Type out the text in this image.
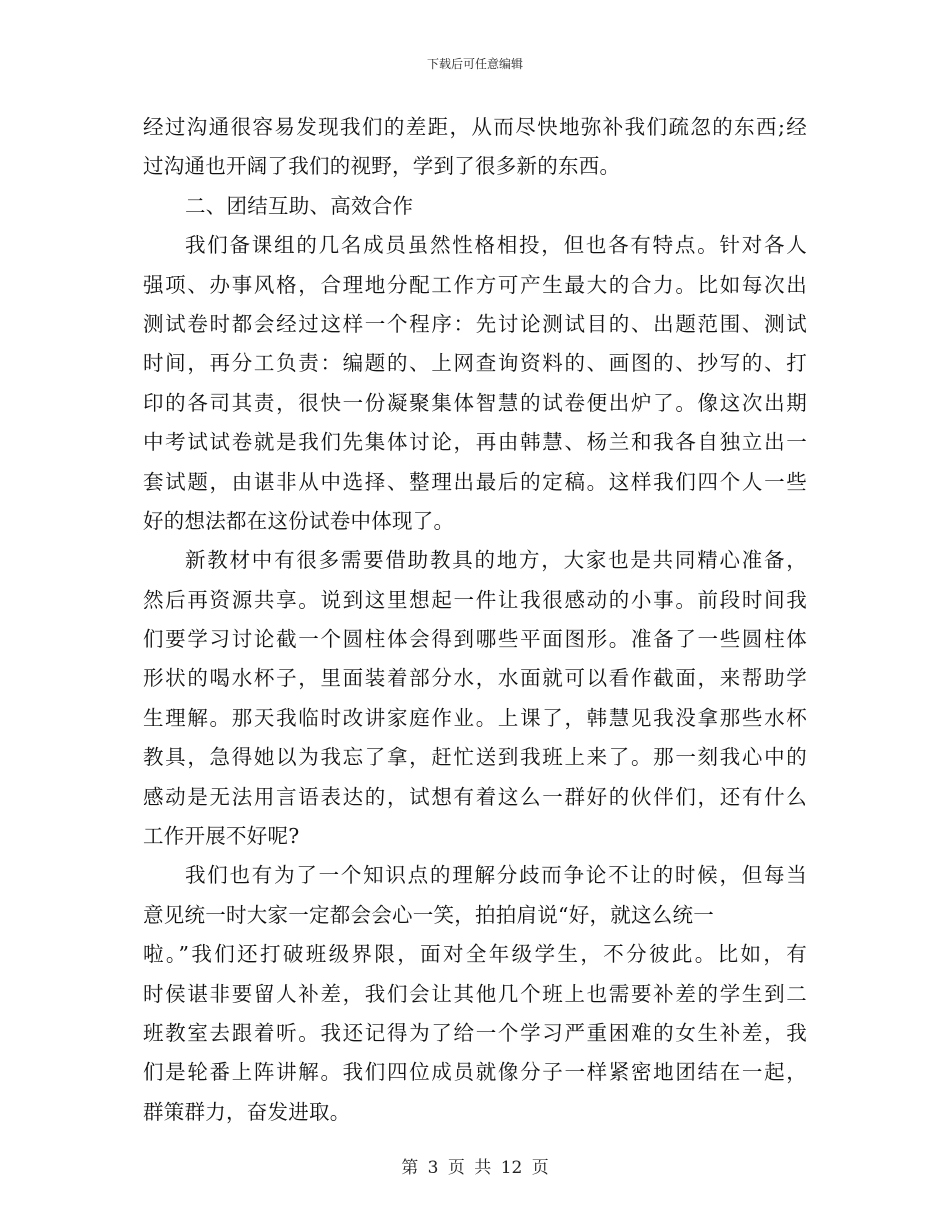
下载后可任意编辑
经过沟通很容易发现我们的差距，从而尽快地弥补我们疏忽的东西;经
过沟通也开阔了我们的视野，学到了很多新的东西。
二、团结互助、高效合作
我们备课组的几名成员虽然性格相投，但也各有特点。针对各人
强项、办事风格，合理地分配工作方可产生最大的合力。比如每次出
测试卷时都会经过这样一个程序：先讨论测试目的、出题范围、测试
时间，再分工负责：编题的、上网查询资料的、画图的、抄写的、打
印的各司其责，很快一份凝聚集体智慧的试卷便出炉了。像这次出期
中考试试卷就是我们先集体讨论，再由韩慧、杨兰和我各自独立出一
套试题，由谌非从中选择、整理出最后的定稿。这样我们四个人一些
好的想法都在这份试卷中体现了。
新教材中有很多需要借助教具的地方，大家也是共同精心准备，
然后再资源共享。说到这里想起一件让我很感动的小事。前段时间我
们要学习讨论截一个圆柱体会得到哪些平面图形。准备了一些圆柱体
形状的喝水杯子，里面装着部分水，水面就可以看作截面，来帮助学
生理解。那天我临时改讲家庭作业。上课了，韩慧见我没拿那些水杯
教具，急得她以为我忘了拿，赶忙送到我班上来了。那一刻我心中的
感动是无法用言语表达的，试想有着这么一群好的伙伴们，还有什么
工作开展不好呢?
我们也有为了一个知识点的理解分歧而争论不让的时候，但每当
意见统一时大家一定都会会心一笑，拍拍肩说“好，就这么统一
啦。”我们还打破班级界限，面对全年级学生，不分彼此。比如，有
时侯谌非要留人补差，我们会让其他几个班上也需要补差的学生到二
班教室去跟着听。我还记得为了给一个学习严重困难的女生补差，我
们是轮番上阵讲解。我们四位成员就像分子一样紧密地团结在一起，
群策群力，奋发进取。
第 3 页 共 12 页
